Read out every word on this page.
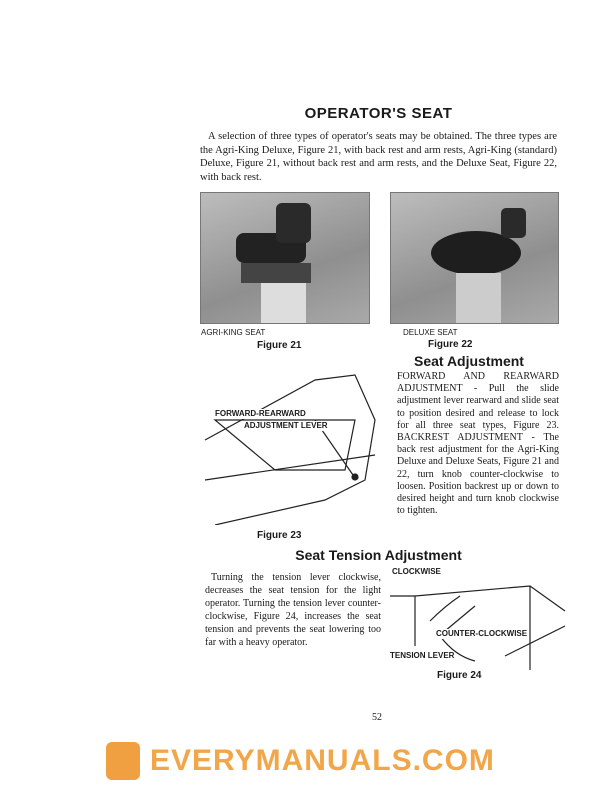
OPERATOR'S SEAT
A selection of three types of operator's seats may be obtained. The three types are the Agri-King Deluxe, Figure 21, with back rest and arm rests, Agri-King (standard) Deluxe, Figure 21, without back rest and arm rests, and the Deluxe Seat, Figure 22, with back rest.
AGRI-KING SEAT
Figure 21
DELUXE SEAT
Figure 22
FORWARD-REARWARD
ADJUSTMENT LEVER
Figure 23
Seat Adjustment
FORWARD AND REARWARD ADJUSTMENT - Pull the slide adjustment lever rearward and slide seat to position desired and release to lock for all three seat types, Figure 23. BACKREST ADJUSTMENT - The back rest adjustment for the Agri-King Deluxe and Deluxe Seats, Figure 21 and 22, turn knob counter-clockwise to loosen. Position backrest up or down to desired height and turn knob clockwise to tighten.
Seat Tension Adjustment
Turning the tension lever clockwise, decreases the seat tension for the light operator. Turning the tension lever counter-clockwise, Figure 24, increases the seat tension and prevents the seat lowering too far with a heavy operator.
CLOCKWISE
COUNTER-CLOCKWISE
TENSION LEVER
Figure 24
52
EVERYMANUALS.COM
